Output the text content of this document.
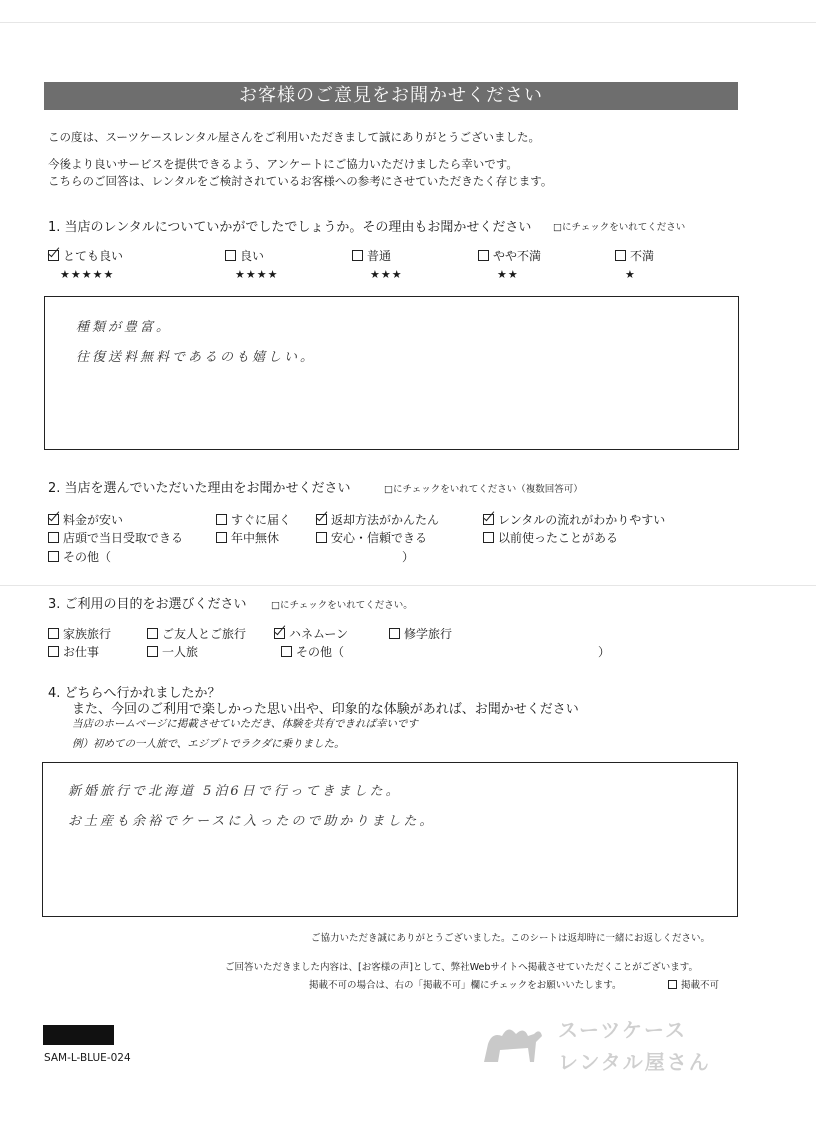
お客様のご意見をお聞かせください
この度は、スーツケースレンタル屋さんをご利用いただきまして誠にありがとうございました。
今後より良いサービスを提供できるよう、アンケートにご協力いただけましたら幸いです。
こちらのご回答は、レンタルをご検討されているお客様への参考にさせていただきたく存じます。
1. 当店のレンタルについていかがでしたでしょうか。その理由もお聞かせください □にチェックをいれてください
とても良い	良い	普通	やや不満	不満
★★★★★	★★★★	★★★	★★	★
種類が豊富。
往復送料無料であるのも嬉しい。
2. 当店を選んでいただいた理由をお聞かせください	□にチェックをいれてください（複数回答可）
料金が安い	すぐに届く	返却方法がかんたん	レンタルの流れがわかりやすい
店頭で当日受取できる	年中無休	安心・信頼できる	以前使ったことがある
その他（	）
3. ご利用の目的をお選びください	□にチェックをいれてください。
家族旅行	ご友人とご旅行	ハネムーン	修学旅行
お仕事	一人旅	その他（	）
4. どちらへ行かれましたか？
また、今回のご利用で楽しかった思い出や、印象的な体験があれば、お聞かせください
当店のホームページに掲載させていただき、体験を共有できれば幸いです
例）初めての一人旅で、エジプトでラクダに乗りました。
新婚旅行で北海道 5泊6日で行ってきました。
お土産も余裕でケースに入ったので助かりました。
ご協力いただき誠にありがとうございました。このシートは返却時に一緒にお返しください。
ご回答いただきました内容は、[お客様の声]として、弊社Webサイトへ掲載させていただくことがございます。
掲載不可の場合は、右の「掲載不可」欄にチェックをお願いいたします。	掲載不可
SAM-L-BLUE-024
スーツケース
レンタル屋さん
